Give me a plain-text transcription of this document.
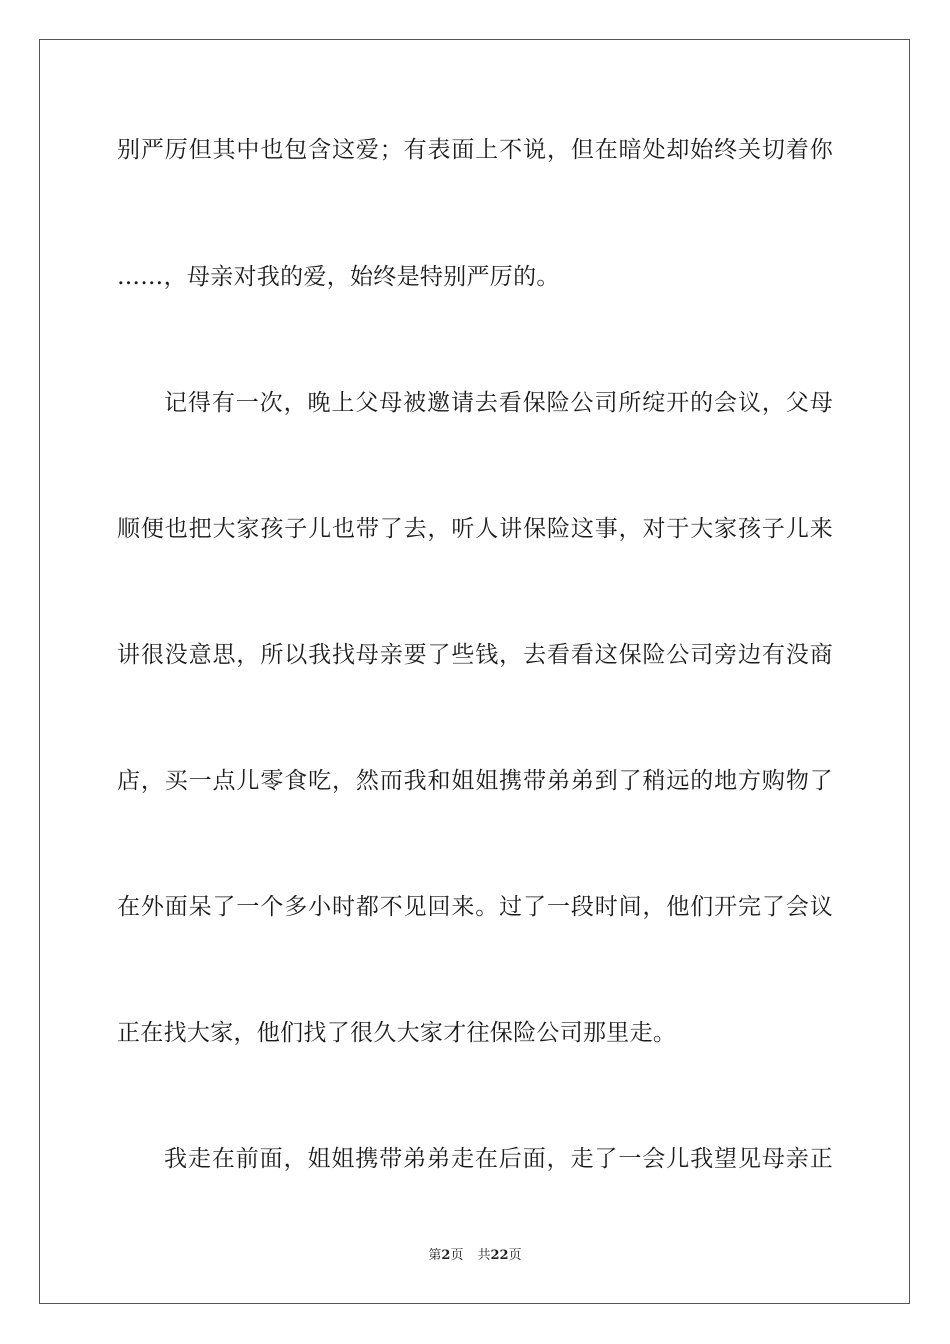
别严厉但其中也包含这爱；有表面上不说，但在暗处却始终关切着你
……，母亲对我的爱，始终是特别严厉的。
记得有一次，晚上父母被邀请去看保险公司所绽开的会议，父母
顺便也把大家孩子儿也带了去，听人讲保险这事，对于大家孩子儿来
讲很没意思，所以我找母亲要了些钱，去看看这保险公司旁边有没商
店，买一点儿零食吃，然而我和姐姐携带弟弟到了稍远的地方购物了
在外面呆了一个多小时都不见回来。过了一段时间，他们开完了会议
正在找大家，他们找了很久大家才往保险公司那里走。
我走在前面，姐姐携带弟弟走在后面，走了一会儿我望见母亲正
第2页 共22页
